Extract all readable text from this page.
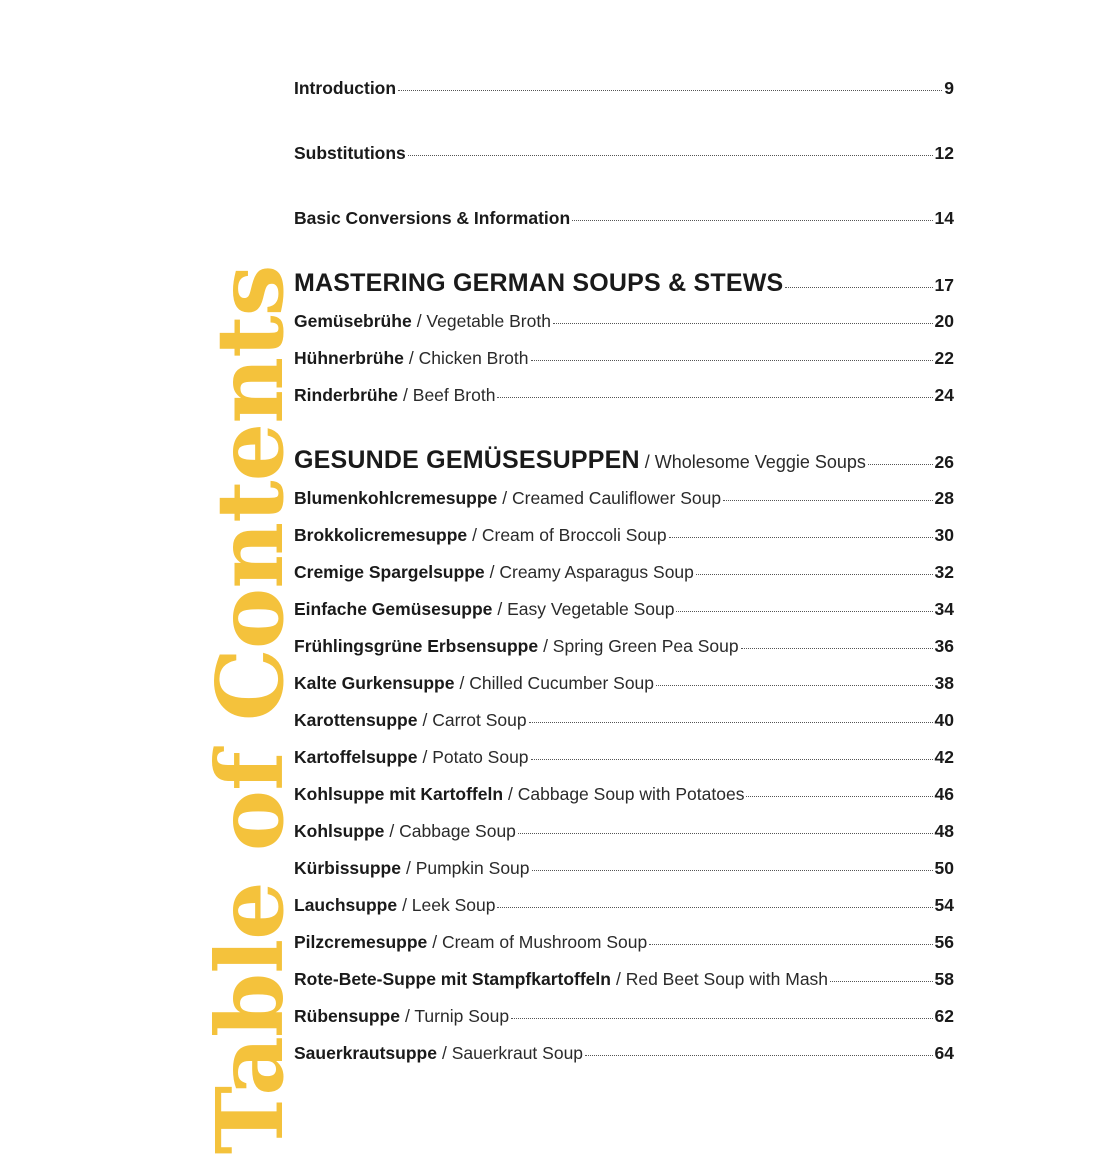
Table of Contents
Introduction	9
Substitutions	12
Basic Conversions & Information	14
MASTERING GERMAN SOUPS & STEWS	17
Gemüsebrühe / Vegetable Broth	20
Hühnerbrühe / Chicken Broth	22
Rinderbrühe / Beef Broth	24
GESUNDE GEMÜSESUPPEN / Wholesome Veggie Soups	26
Blumenkohlcremesuppe / Creamed Cauliflower Soup	28
Brokkolicremesuppe / Cream of Broccoli Soup	30
Cremige Spargelsuppe / Creamy Asparagus Soup	32
Einfache Gemüsesuppe / Easy Vegetable Soup	34
Frühlingsgrüne Erbsensuppe / Spring Green Pea Soup	36
Kalte Gurkensuppe / Chilled Cucumber Soup	38
Karottensuppe / Carrot Soup	40
Kartoffelsuppe / Potato Soup	42
Kohlsuppe mit Kartoffeln / Cabbage Soup with Potatoes	46
Kohlsuppe / Cabbage Soup	48
Kürbissuppe / Pumpkin Soup	50
Lauchsuppe / Leek Soup	54
Pilzcremesuppe / Cream of Mushroom Soup	56
Rote-Bete-Suppe mit Stampfkartoffeln / Red Beet Soup with Mash	58
Rübensuppe / Turnip Soup	62
Sauerkrautsuppe / Sauerkraut Soup	64
